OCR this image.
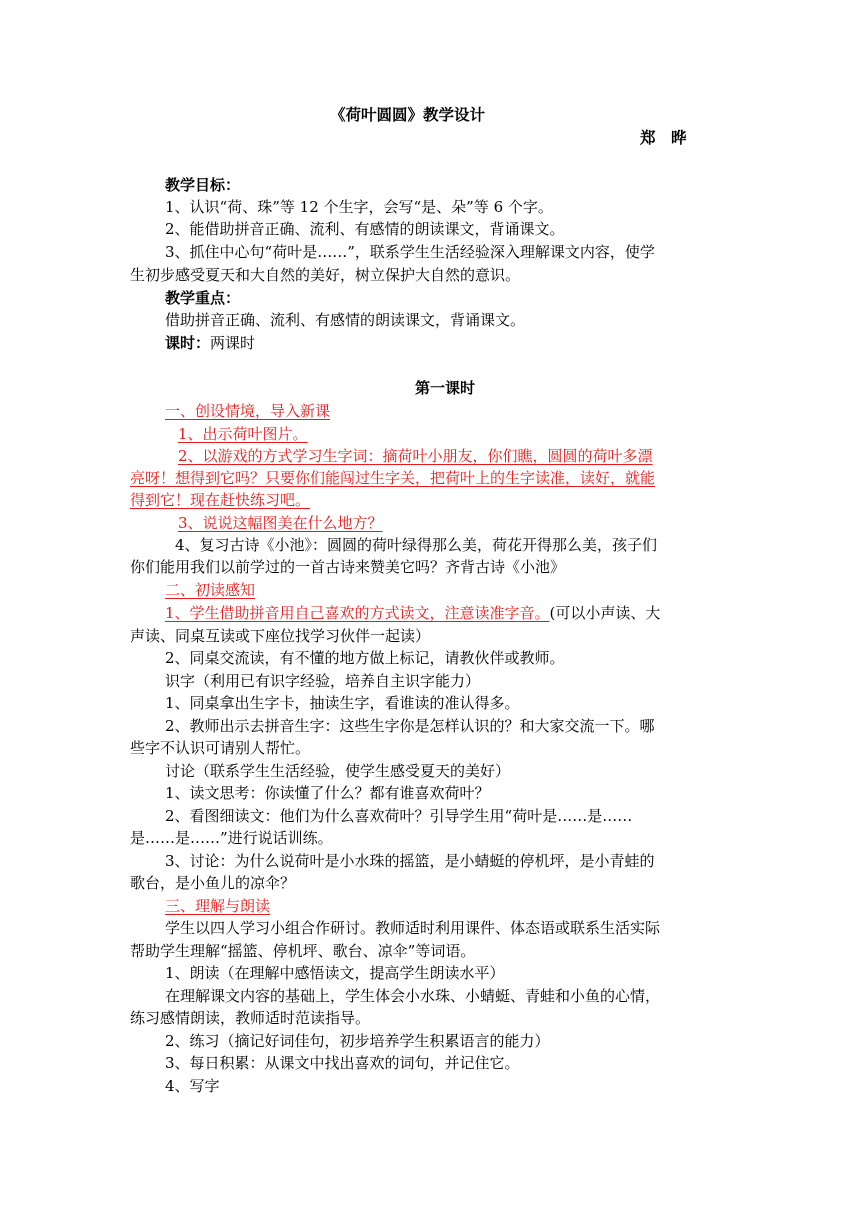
《荷叶圆圆》教学设计
郑　晔
教学目标：
1、认识“荷、珠”等 12 个生字，会写“是、朵”等 6 个字。
2、能借助拼音正确、流利、有感情的朗读课文，背诵课文。
3、抓住中心句“荷叶是……”，联系学生生活经验深入理解课文内容，使学
生初步感受夏天和大自然的美好，树立保护大自然的意识。
教学重点：
借助拼音正确、流利、有感情的朗读课文，背诵课文。
课时：两课时
第一课时
一、创设情境，导入新课
1、出示荷叶图片。
2、以游戏的方式学习生字词：摘荷叶小朋友，你们瞧，圆圆的荷叶多漂
亮呀！想得到它吗？只要你们能闯过生字关，把荷叶上的生字读准，读好，就能
得到它！现在赶快练习吧。
3、说说这幅图美在什么地方？
4、复习古诗《小池》：圆圆的荷叶绿得那么美，荷花开得那么美，孩子们
你们能用我们以前学过的一首古诗来赞美它吗？齐背古诗《小池》
二、初读感知
1、学生借助拼音用自己喜欢的方式读文，注意读准字音。(可以小声读、大
声读、同桌互读或下座位找学习伙伴一起读）
2、同桌交流读，有不懂的地方做上标记，请教伙伴或教师。
识字（利用已有识字经验，培养自主识字能力）
1、同桌拿出生字卡，抽读生字，看谁读的准认得多。
2、教师出示去拼音生字：这些生字你是怎样认识的？和大家交流一下。哪
些字不认识可请别人帮忙。
讨论（联系学生生活经验，使学生感受夏天的美好）
1、读文思考：你读懂了什么？都有谁喜欢荷叶？
2、看图细读文：他们为什么喜欢荷叶？引导学生用“荷叶是……是……
是……是……”进行说话训练。
3、讨论：为什么说荷叶是小水珠的摇篮，是小蜻蜓的停机坪，是小青蛙的
歌台，是小鱼儿的凉伞？
三、理解与朗读
学生以四人学习小组合作研讨。教师适时利用课件、体态语或联系生活实际
帮助学生理解“摇篮、停机坪、歌台、凉伞”等词语。
1、朗读（在理解中感悟读文，提高学生朗读水平）
在理解课文内容的基础上，学生体会小水珠、小蜻蜓、青蛙和小鱼的心情，
练习感情朗读，教师适时范读指导。
2、练习（摘记好词佳句，初步培养学生积累语言的能力）
3、每日积累：从课文中找出喜欢的词句，并记住它。
4、写字
